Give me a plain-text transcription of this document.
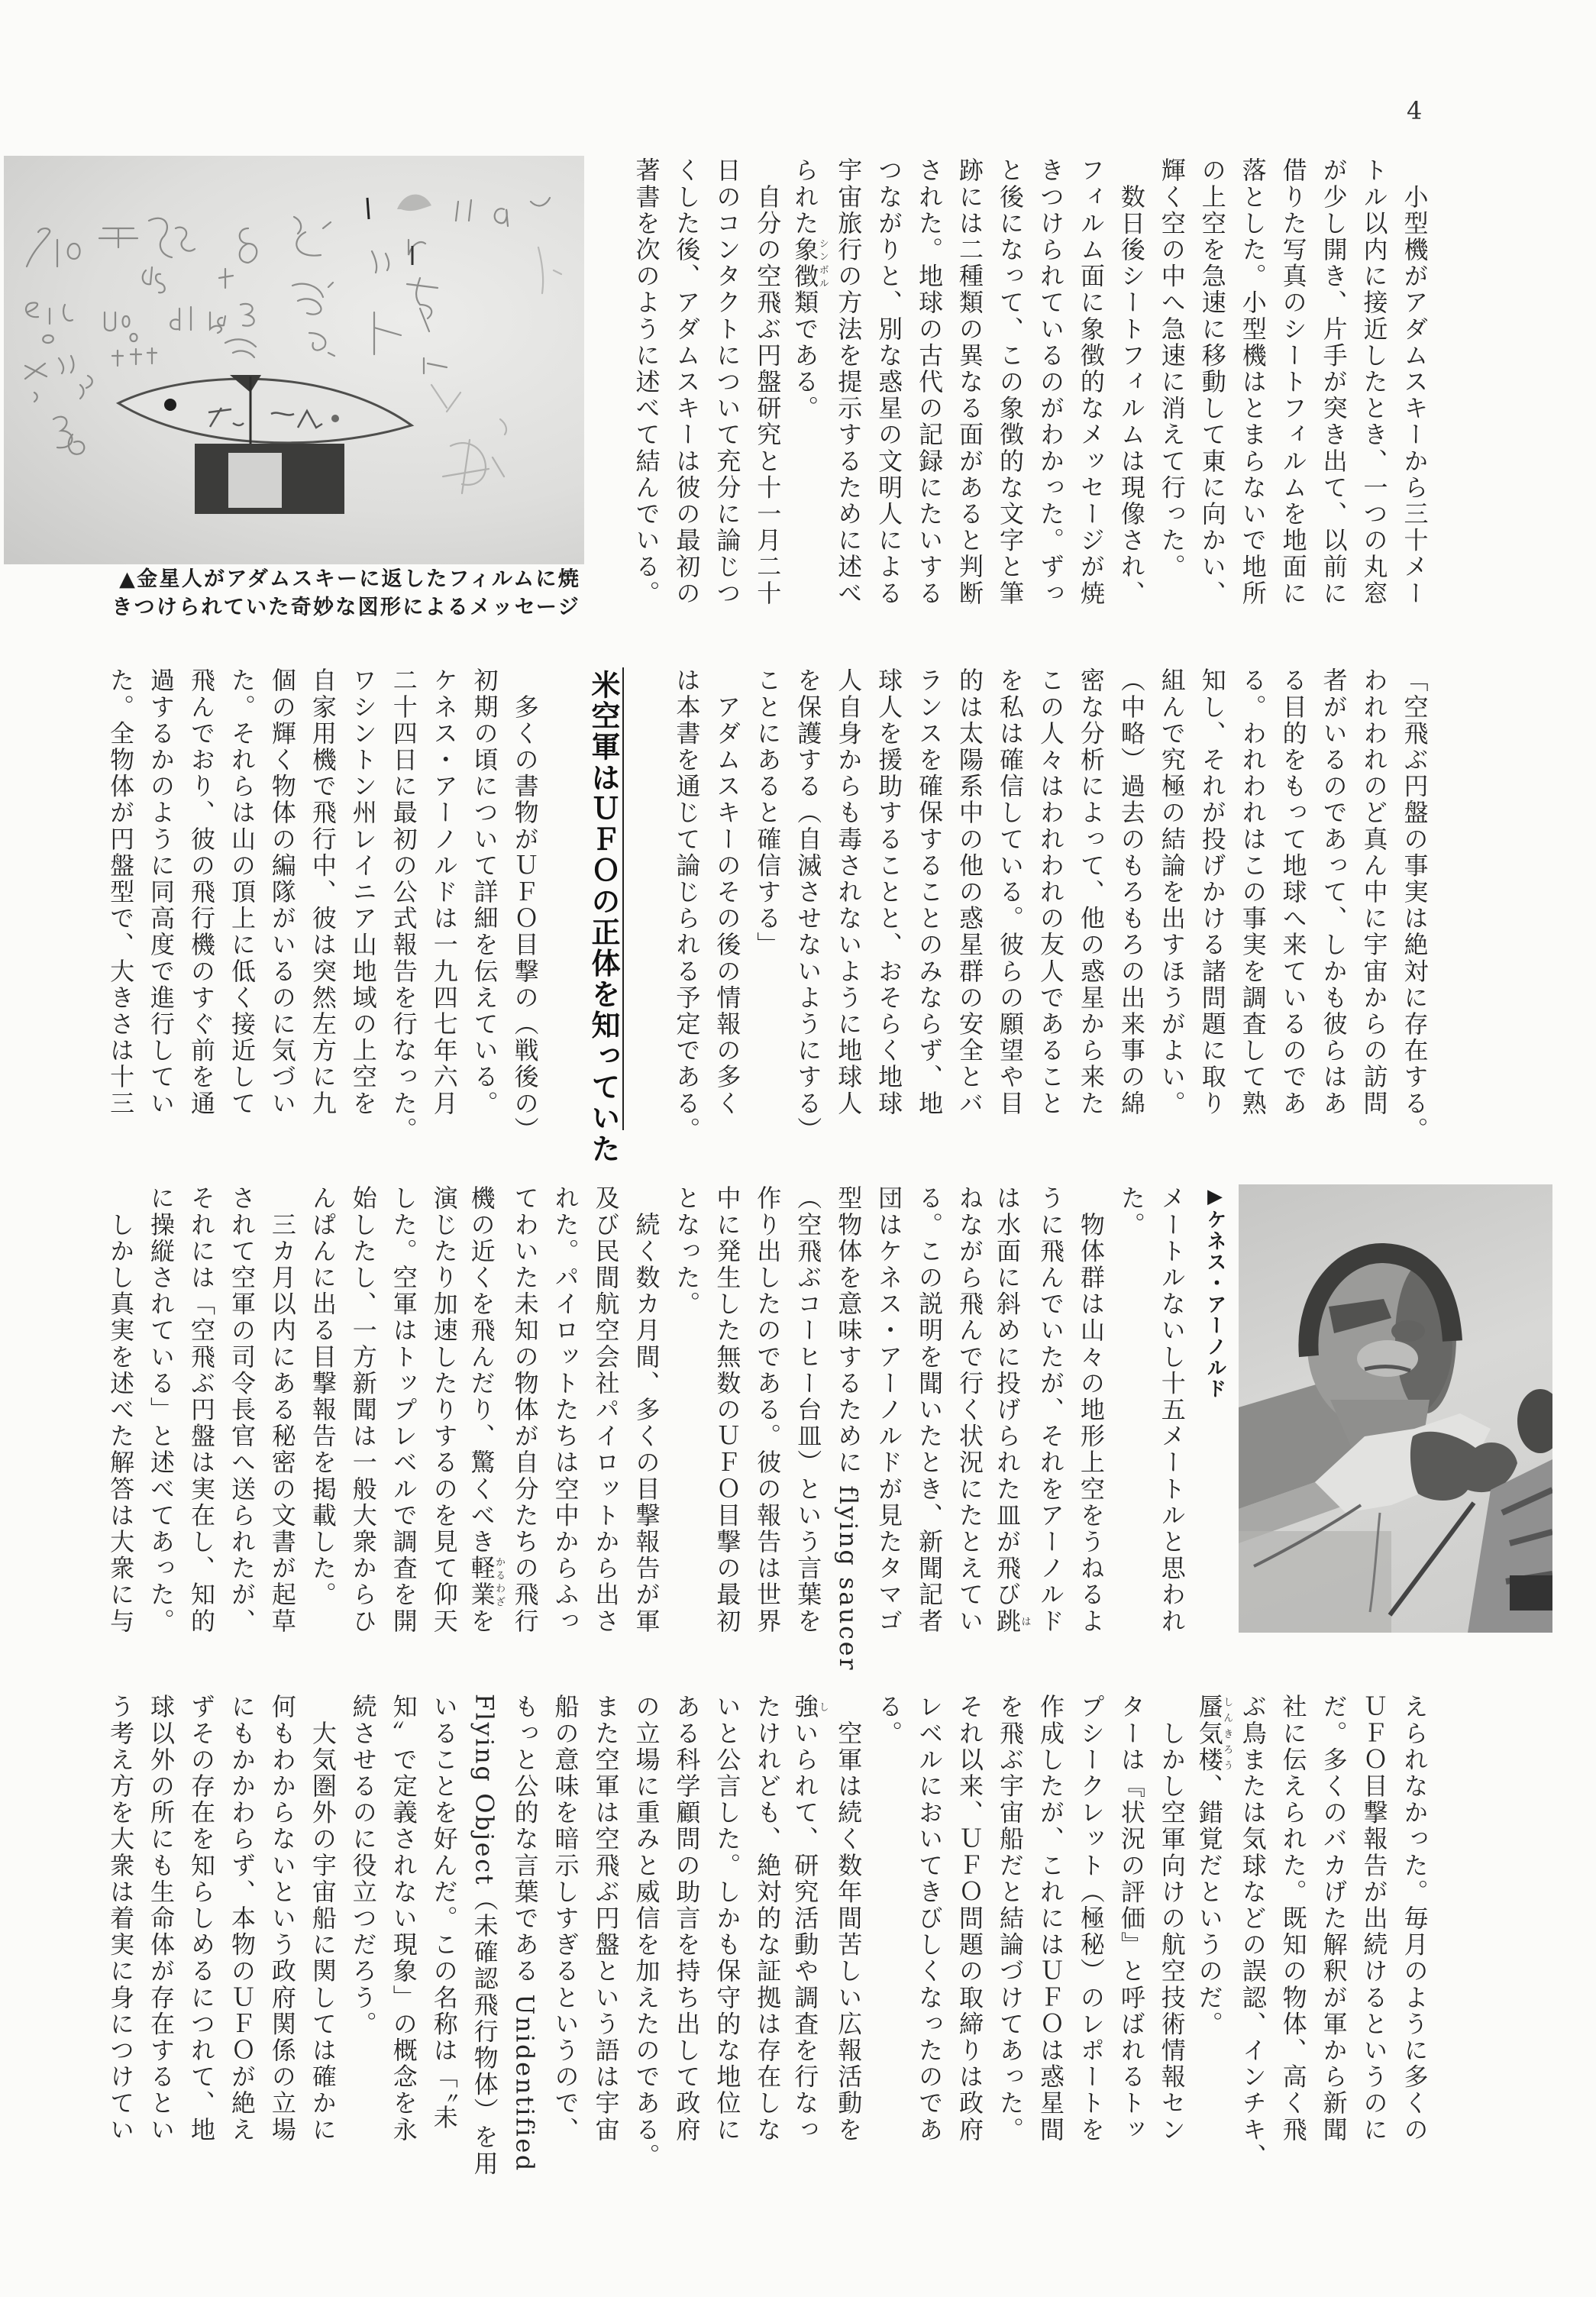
4
▲金星人がアダムスキーに返したフィルムに焼
きつけられていた奇妙な図形によるメッセージ
米空軍はＵＦＯの正体を知っていた
▶ケネス・アーノルド
　小型機がアダムスキーから三十メー
トル以内に接近したとき、一つの丸窓
が少し開き、片手が突き出て、以前に
借りた写真のシートフィルムを地面に
落とした。小型機はとまらないで地所
の上空を急速に移動して東に向かい、
輝く空の中へ急速に消えて行った。
　数日後シートフィルムは現像され、
フィルム面に象徴的なメッセージが焼
きつけられているのがわかった。ずっ
と後になって、この象徴的な文字と筆
跡には二種類の異なる面があると判断
された。地球の古代の記録にたいする
つながりと、別な惑星の文明人による
宇宙旅行の方法を提示するために述べ
られた象徴シンボル類である。
　自分の空飛ぶ円盤研究と十一月二十
日のコンタクトについて充分に論じつ
くした後、アダムスキーは彼の最初の
著書を次のように述べて結んでいる。
「空飛ぶ円盤の事実は絶対に存在する。
われわれのど真ん中に宇宙からの訪問
者がいるのであって、しかも彼らはあ
る目的をもって地球へ来ているのであ
る。われわれはこの事実を調査して熟
知し、それが投げかける諸問題に取り
組んで究極の結論を出すほうがよい。
（中略）過去のもろもろの出来事の綿
密な分析によって、他の惑星から来た
この人々はわれわれの友人であること
を私は確信している。彼らの願望や目
的は太陽系中の他の惑星群の安全とバ
ランスを確保することのみならず、地
球人を援助することと、おそらく地球
人自身からも毒されないように地球人
を保護する（自滅させないようにする）
ことにあると確信する」
　アダムスキーのその後の情報の多く
は本書を通じて論じられる予定である。
　多くの書物がＵＦＯ目撃の（戦後の）
初期の頃について詳細を伝えている。
ケネス・アーノルドは一九四七年六月
二十四日に最初の公式報告を行なった。
ワシントン州レイニア山地域の上空を
自家用機で飛行中、彼は突然左方に九
個の輝く物体の編隊がいるのに気づい
た。それらは山の頂上に低く接近して
飛んでおり、彼の飛行機のすぐ前を通
過するかのように同高度で進行してい
た。全物体が円盤型で、大きさは十三
メートルないし十五メートルと思われ
た。
　物体群は山々の地形上空をうねるよ
うに飛んでいたが、それをアーノルド
は水面に斜めに投げられた皿が飛び跳は
ねながら飛んで行く状況にたとえてい
る。この説明を聞いたとき、新聞記者
団はケネス・アーノルドが見たタマゴ
型物体を意味するために flying saucer
（空飛ぶコーヒー台皿）という言葉を
作り出したのである。彼の報告は世界
中に発生した無数のＵＦＯ目撃の最初
となった。
　続く数カ月間、多くの目撃報告が軍
及び民間航空会社パイロットから出さ
れた。パイロットたちは空中からふっ
てわいた未知の物体が自分たちの飛行
機の近くを飛んだり、驚くべき軽業かるわざを
演じたり加速したりするのを見て仰天
した。空軍はトップレベルで調査を開
始したし、一方新聞は一般大衆からひ
んぱんに出る目撃報告を掲載した。
　三カ月以内にある秘密の文書が起草
されて空軍の司令長官へ送られたが、
それには「空飛ぶ円盤は実在し、知的
に操縦されている」と述べてあった。
　しかし真実を述べた解答は大衆に与
えられなかった。毎月のように多くの
ＵＦＯ目撃報告が出続けるというのに
だ。多くのバカげた解釈が軍から新聞
社に伝えられた。既知の物体、高く飛
ぶ鳥または気球などの誤認、インチキ、
蜃気楼しんきろう、錯覚だというのだ。
　しかし空軍向けの航空技術情報セン
ターは『状況の評価』と呼ばれるトッ
プシークレット（極秘）のレポートを
作成したが、これにはＵＦＯは惑星間
を飛ぶ宇宙船だと結論づけてあった。
それ以来、ＵＦＯ問題の取締りは政府
レベルにおいてきびしくなったのであ
る。
　空軍は続く数年間苦しい広報活動を
強しいられて、研究活動や調査を行なっ
たけれども、絶対的な証拠は存在しな
いと公言した。しかも保守的な地位に
ある科学顧問の助言を持ち出して政府
の立場に重みと威信を加えたのである。
また空軍は空飛ぶ円盤という語は宇宙
船の意味を暗示しすぎるというので、
もっと公的な言葉である Unidentified
Flying Object（未確認飛行物体）を用
いることを好んだ。この名称は「〝未
知〟で定義されない現象」の概念を永
続させるのに役立つだろう。
　大気圏外の宇宙船に関しては確かに
何もわからないという政府関係の立場
にもかかわらず、本物のＵＦＯが絶え
ずその存在を知らしめるにつれて、地
球以外の所にも生命体が存在するとい
う考え方を大衆は着実に身につけてい
